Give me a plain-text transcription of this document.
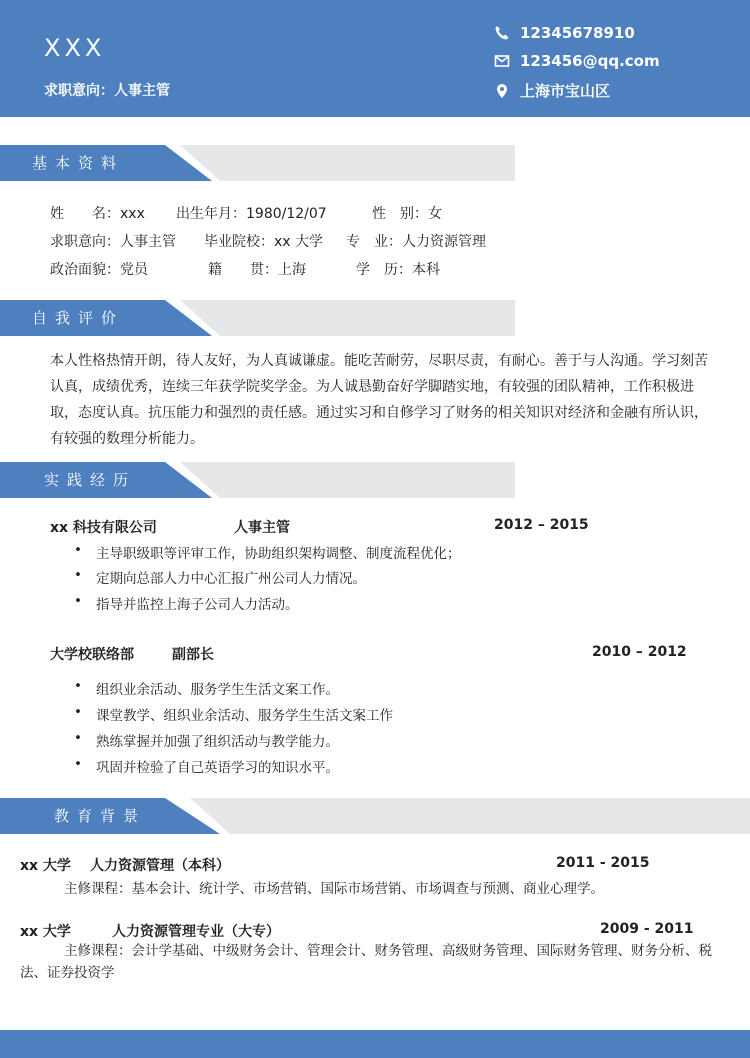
XXX
求职意向：人事主管
12345678910
123456@qq.com
上海市宝山区
基本资料
姓　　名：xxx 出生年月：1980/12/07	性　别：女
求职意向：人事主管 毕业院校：xx 大学 专　业：人力资源管理
政治面貌：党员	籍　　贯：上海	学　历：本科
自我评价
本人性格热情开朗，待人友好，为人真诚谦虚。能吃苦耐劳，尽职尽责，有耐心。善于与人沟通。学习刻苦认真，成绩优秀，连续三年获学院奖学金。为人诚恳勤奋好学脚踏实地，有较强的团队精神，工作积极进取，态度认真。抗压能力和强烈的责任感。通过实习和自修学习了财务的相关知识对经济和金融有所认识，有较强的数理分析能力。
实践经历
xx 科技有限公司	人事主管	2012 – 2015
• 主导职级职等评审工作，协助组织架构调整、制度流程优化；
• 定期向总部人力中心汇报广州公司人力情况。
• 指导并监控上海子公司人力活动。
大学校联络部	副部长	2010 – 2012
• 组织业余活动、服务学生生活文案工作。
• 课堂教学、组织业余活动、服务学生生活文案工作
• 熟练掌握并加强了组织活动与教学能力。
• 巩固并检验了自己英语学习的知识水平。
教育背景
xx 大学 人力资源管理（本科）	2011 - 2015
主修课程：基本会计、统计学、市场营销、国际市场营销、市场调查与预测、商业心理学。
xx 大学	人力资源管理专业（大专）	2009 - 2011
主修课程：会计学基础、中级财务会计、管理会计、财务管理、高级财务管理、国际财务管理、财务分析、税法、证券投资学
